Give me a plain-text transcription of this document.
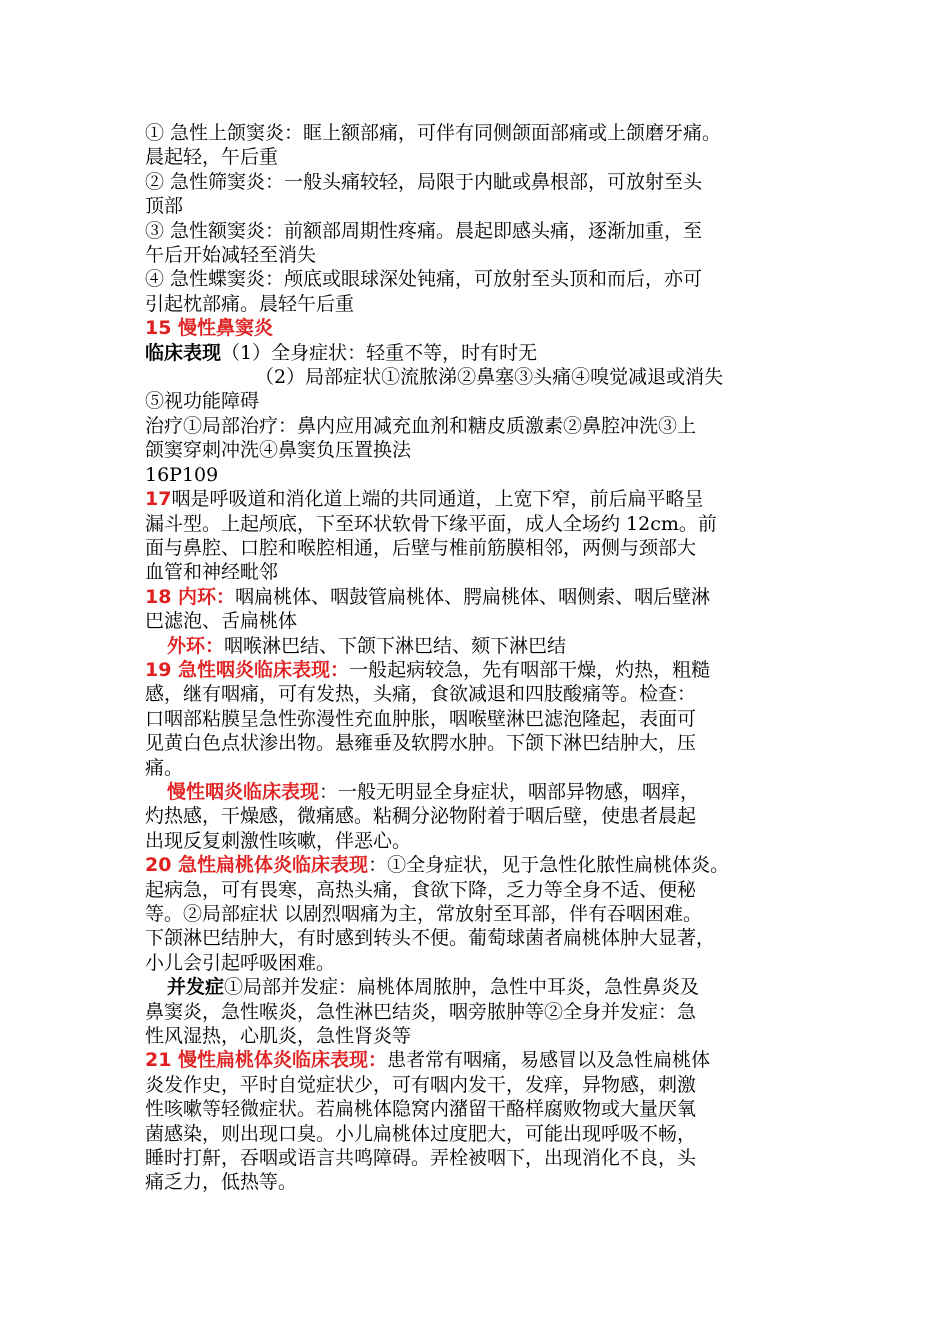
① 急性上颌窦炎：眶上额部痛，可伴有同侧颌面部痛或上颌磨牙痛。

晨起轻，午后重

② 急性筛窦炎：一般头痛较轻，局限于内眦或鼻根部，可放射至头

顶部

③ 急性额窦炎：前额部周期性疼痛。晨起即感头痛，逐渐加重，至

午后开始减轻至消失

④ 急性蝶窦炎：颅底或眼球深处钝痛，可放射至头顶和而后，亦可

引起枕部痛。晨轻午后重

15 慢性鼻窦炎

临床表现（1）全身症状：轻重不等，时有时无

（2）局部症状①流脓涕②鼻塞③头痛④嗅觉减退或消失

⑤视功能障碍

治疗①局部治疗：鼻内应用减充血剂和糖皮质激素②鼻腔冲洗③上

颌窦穿刺冲洗④鼻窦负压置换法

16P109

17咽是呼吸道和消化道上端的共同通道，上宽下窄，前后扁平略呈

漏斗型。上起颅底，下至环状软骨下缘平面，成人全场约 12cm。前

面与鼻腔、口腔和喉腔相通，后壁与椎前筋膜相邻，两侧与颈部大

血管和神经毗邻

18 内环：咽扁桃体、咽鼓管扁桃体、腭扁桃体、咽侧索、咽后壁淋

巴滤泡、舌扁桃体

外环：咽喉淋巴结、下颌下淋巴结、颏下淋巴结

19 急性咽炎临床表现：一般起病较急，先有咽部干燥，灼热，粗糙

感，继有咽痛，可有发热，头痛，食欲减退和四肢酸痛等。检查：

口咽部粘膜呈急性弥漫性充血肿胀，咽喉壁淋巴滤泡隆起，表面可

见黄白色点状渗出物。悬雍垂及软腭水肿。下颌下淋巴结肿大，压

痛。

慢性咽炎临床表现：一般无明显全身症状，咽部异物感，咽痒，

灼热感，干燥感，微痛感。粘稠分泌物附着于咽后壁，使患者晨起

出现反复刺激性咳嗽，伴恶心。

20 急性扁桃体炎临床表现：①全身症状，见于急性化脓性扁桃体炎。

起病急，可有畏寒，高热头痛，食欲下降，乏力等全身不适、便秘

等。②局部症状 以剧烈咽痛为主，常放射至耳部，伴有吞咽困难。

下颌淋巴结肿大，有时感到转头不便。葡萄球菌者扁桃体肿大显著，

小儿会引起呼吸困难。

并发症①局部并发症：扁桃体周脓肿，急性中耳炎，急性鼻炎及

鼻窦炎，急性喉炎，急性淋巴结炎，咽旁脓肿等②全身并发症：急

性风湿热，心肌炎，急性肾炎等

21 慢性扁桃体炎临床表现：患者常有咽痛，易感冒以及急性扁桃体

炎发作史，平时自觉症状少，可有咽内发干，发痒，异物感，刺激

性咳嗽等轻微症状。若扁桃体隐窝内潴留干酪样腐败物或大量厌氧

菌感染，则出现口臭。小儿扁桃体过度肥大，可能出现呼吸不畅，

睡时打鼾，吞咽或语言共鸣障碍。弄栓被咽下，出现消化不良，头

痛乏力，低热等。
